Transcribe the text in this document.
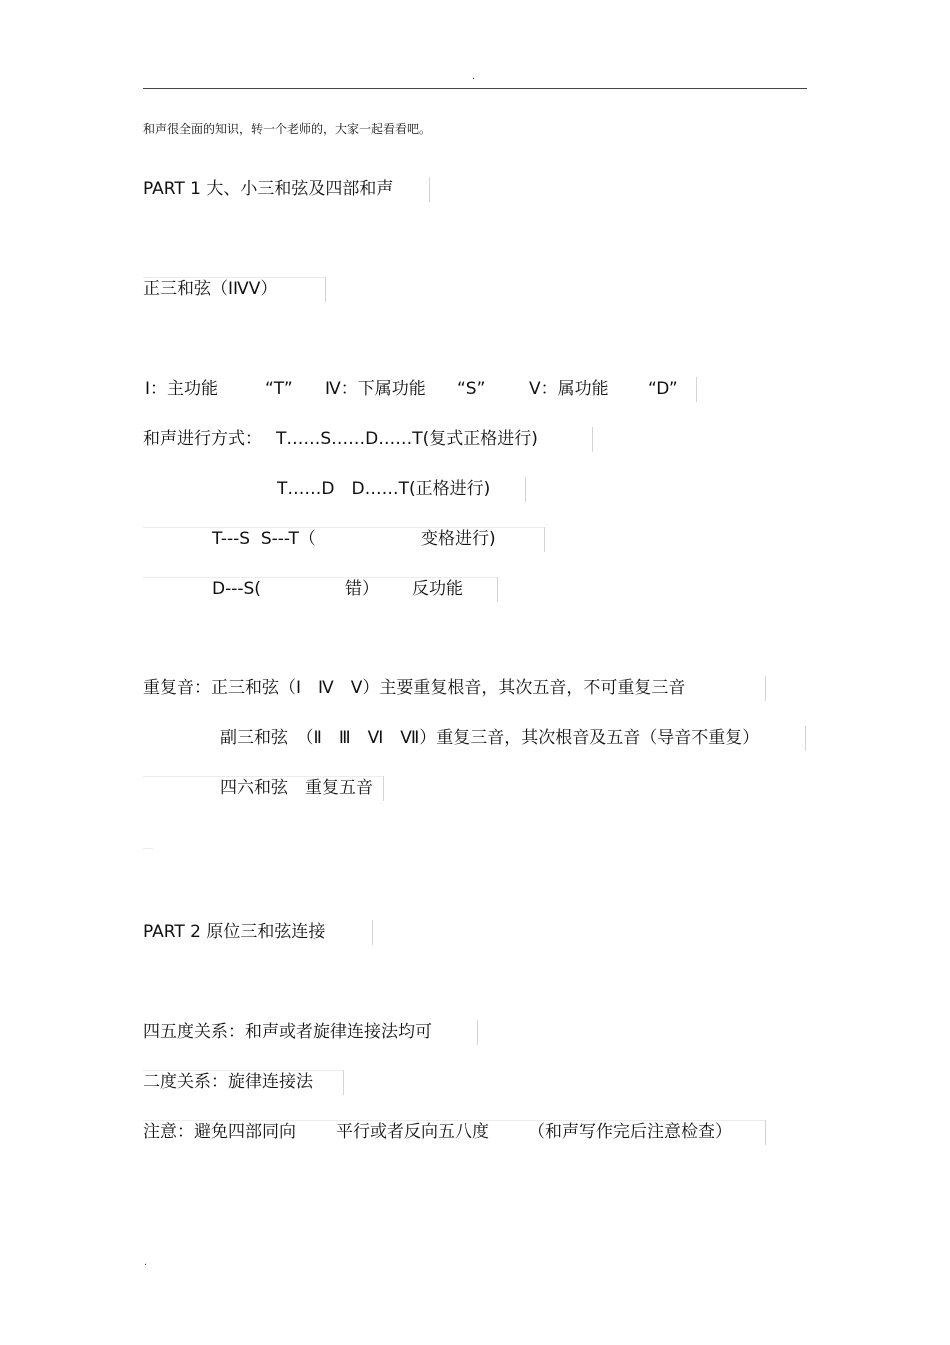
.
和声很全面的知识，转一个老师的，大家一起看看吧。
PART 1 大、小三和弦及四部和声
正三和弦（ⅠⅣⅤ）
Ⅰ：主功能	“T” Ⅳ：下属功能 “S”	Ⅴ：属功能 “D”
和声进行方式： T……S……D……T(复式正格进行)
T……D　D……T(正格进行)
T---S  S---T（	变格进行)
D---S(	错） 反功能
重复音：正三和弦（Ⅰ　Ⅳ　Ⅴ）主要重复根音，其次五音，不可重复三音
副三和弦　（Ⅱ　Ⅲ　Ⅵ　Ⅶ）重复三音，其次根音及五音（导音不重复）
四六和弦　重复五音
PART 2 原位三和弦连接
四五度关系：和声或者旋律连接法均可
二度关系：旋律连接法
注意：避免四部同向 平行或者反向五八度 （和声写作完后注意检查）
.
